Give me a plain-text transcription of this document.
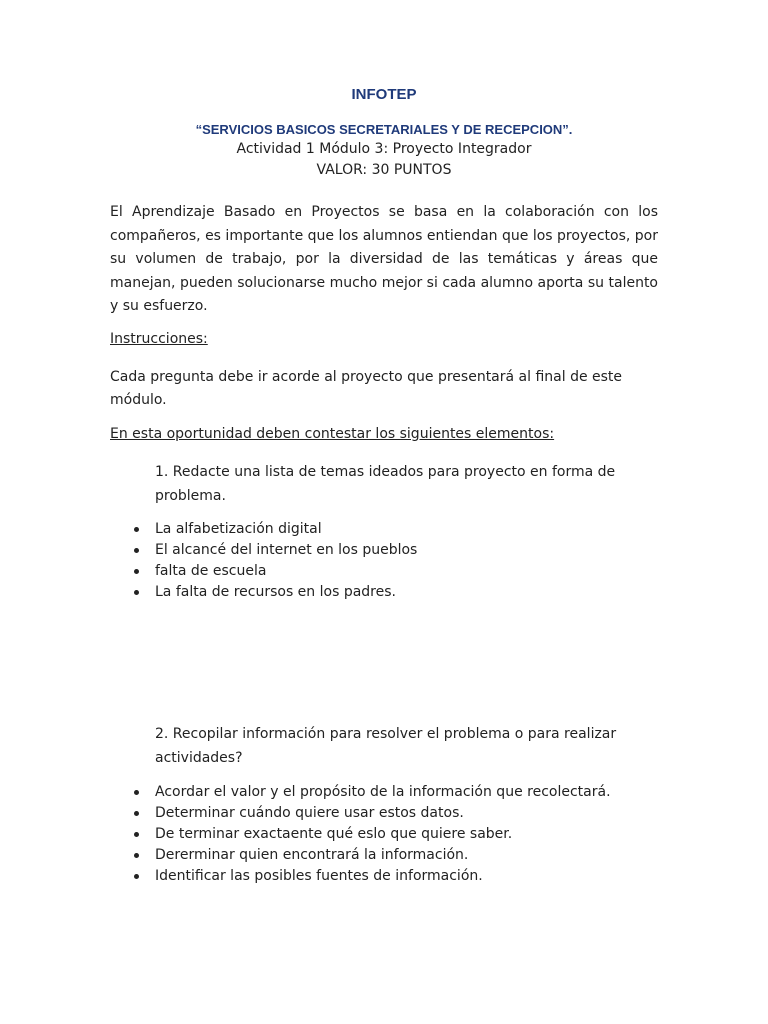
INFOTEP
“SERVICIOS BASICOS SECRETARIALES Y DE RECEPCION”.
Actividad 1 Módulo 3: Proyecto Integrador
VALOR: 30 PUNTOS
El Aprendizaje Basado en Proyectos se basa en la colaboración con los compañeros, es importante que los alumnos entiendan que los proyectos, por su volumen de trabajo, por la diversidad de las temáticas y áreas que manejan, pueden solucionarse mucho mejor si cada alumno aporta su talento y su esfuerzo.
Instrucciones:
Cada pregunta debe ir acorde al proyecto que presentará al final de este módulo.
En esta oportunidad deben contestar los siguientes elementos:
1. Redacte una lista de temas ideados para proyecto en forma de problema.
La alfabetización digital
El alcancé del internet en los pueblos
falta de escuela
La falta de recursos en los padres.
2. Recopilar información para resolver el problema o para realizar actividades?
Acordar el valor y el propósito de la información que recolectará.
Determinar cuándo quiere usar estos datos.
De terminar exactaente qué eslo que quiere saber.
Dererminar quien encontrará la información.
Identificar las posibles fuentes de información.
